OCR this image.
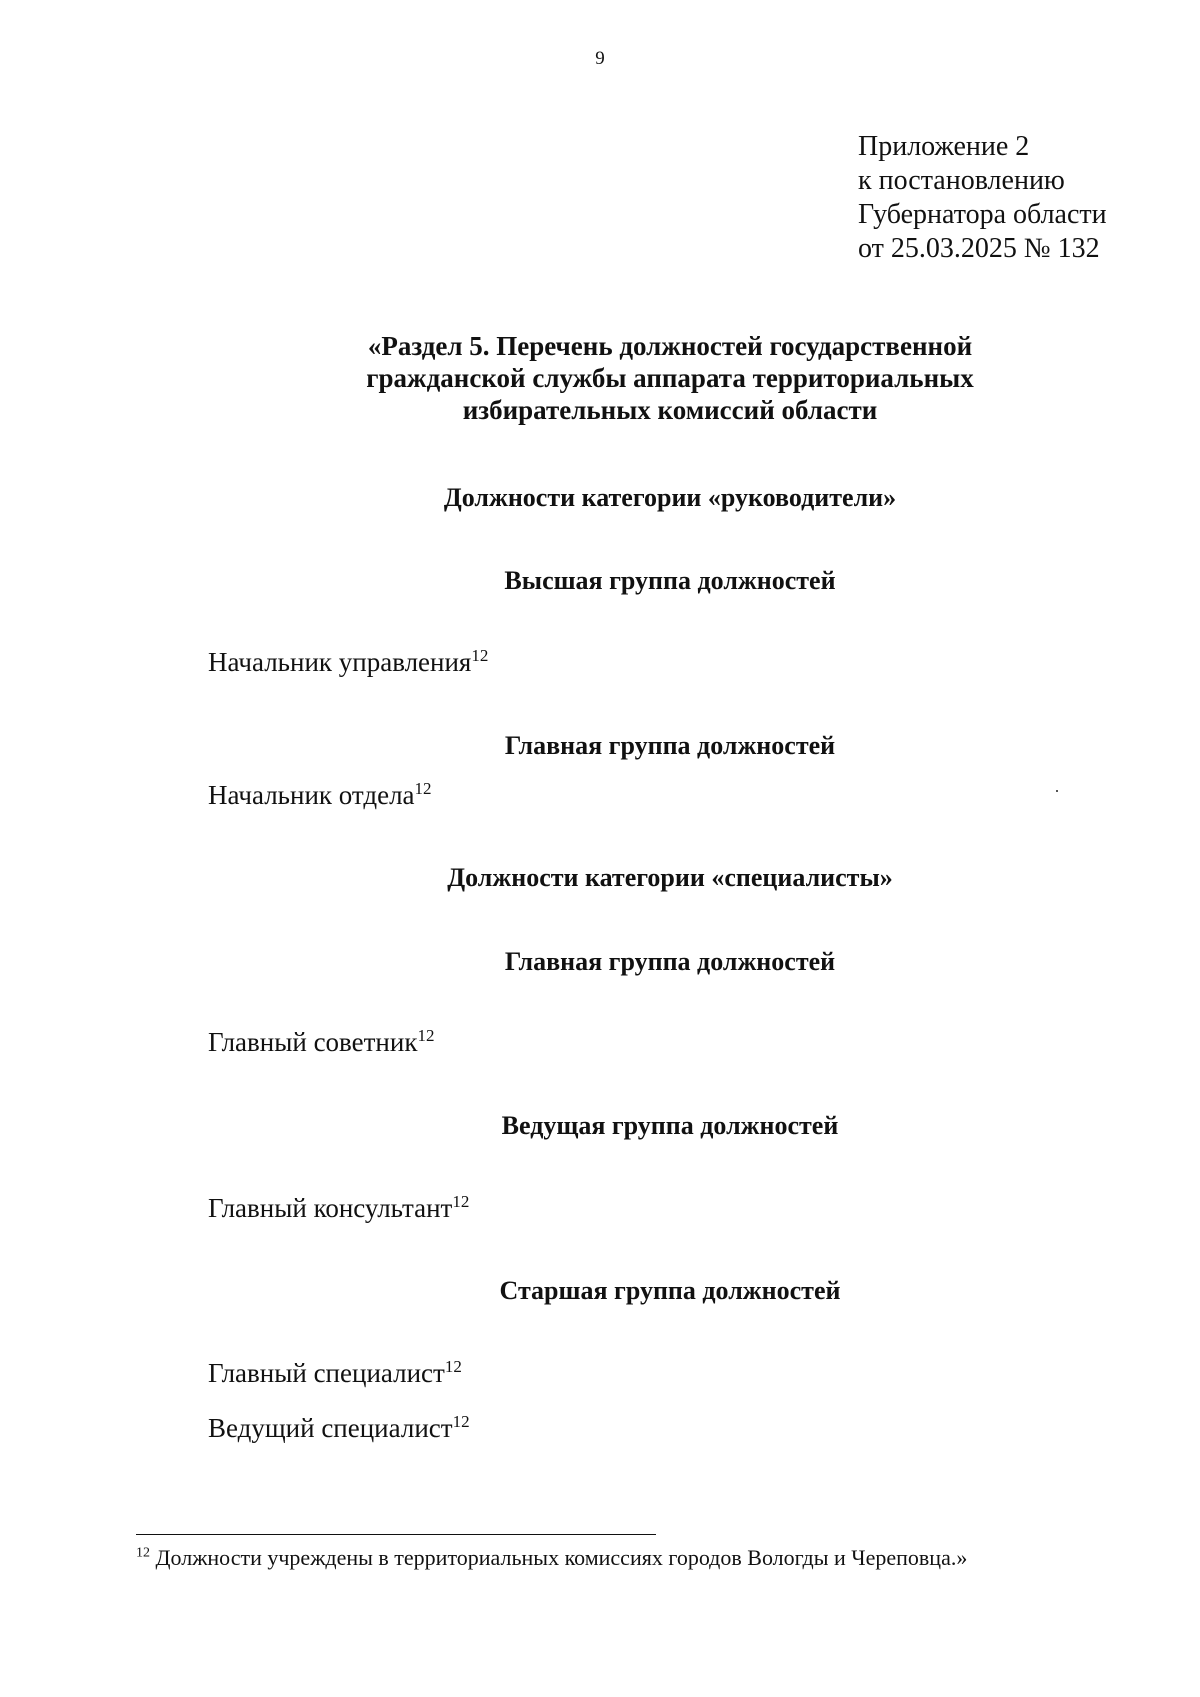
9
Приложение 2
к постановлению
Губернатора области
от 25.03.2025 № 132
«Раздел 5. Перечень должностей государственной
гражданской службы аппарата территориальных
избирательных комиссий области
Должности категории «руководители»
Высшая группа должностей
Начальник управления$^{12}$
Главная группа должностей
Начальник отдела$^{12}$
Должности категории «специалисты»
Главная группа должностей
Главный советник$^{12}$
Ведущая группа должностей
Главный консультант$^{12}$
Старшая группа должностей
Главный специалист$^{12}$
Ведущий специалист$^{12}$
$^{12}$ Должности учреждены в территориальных комиссиях городов Вологды и Череповца.»
